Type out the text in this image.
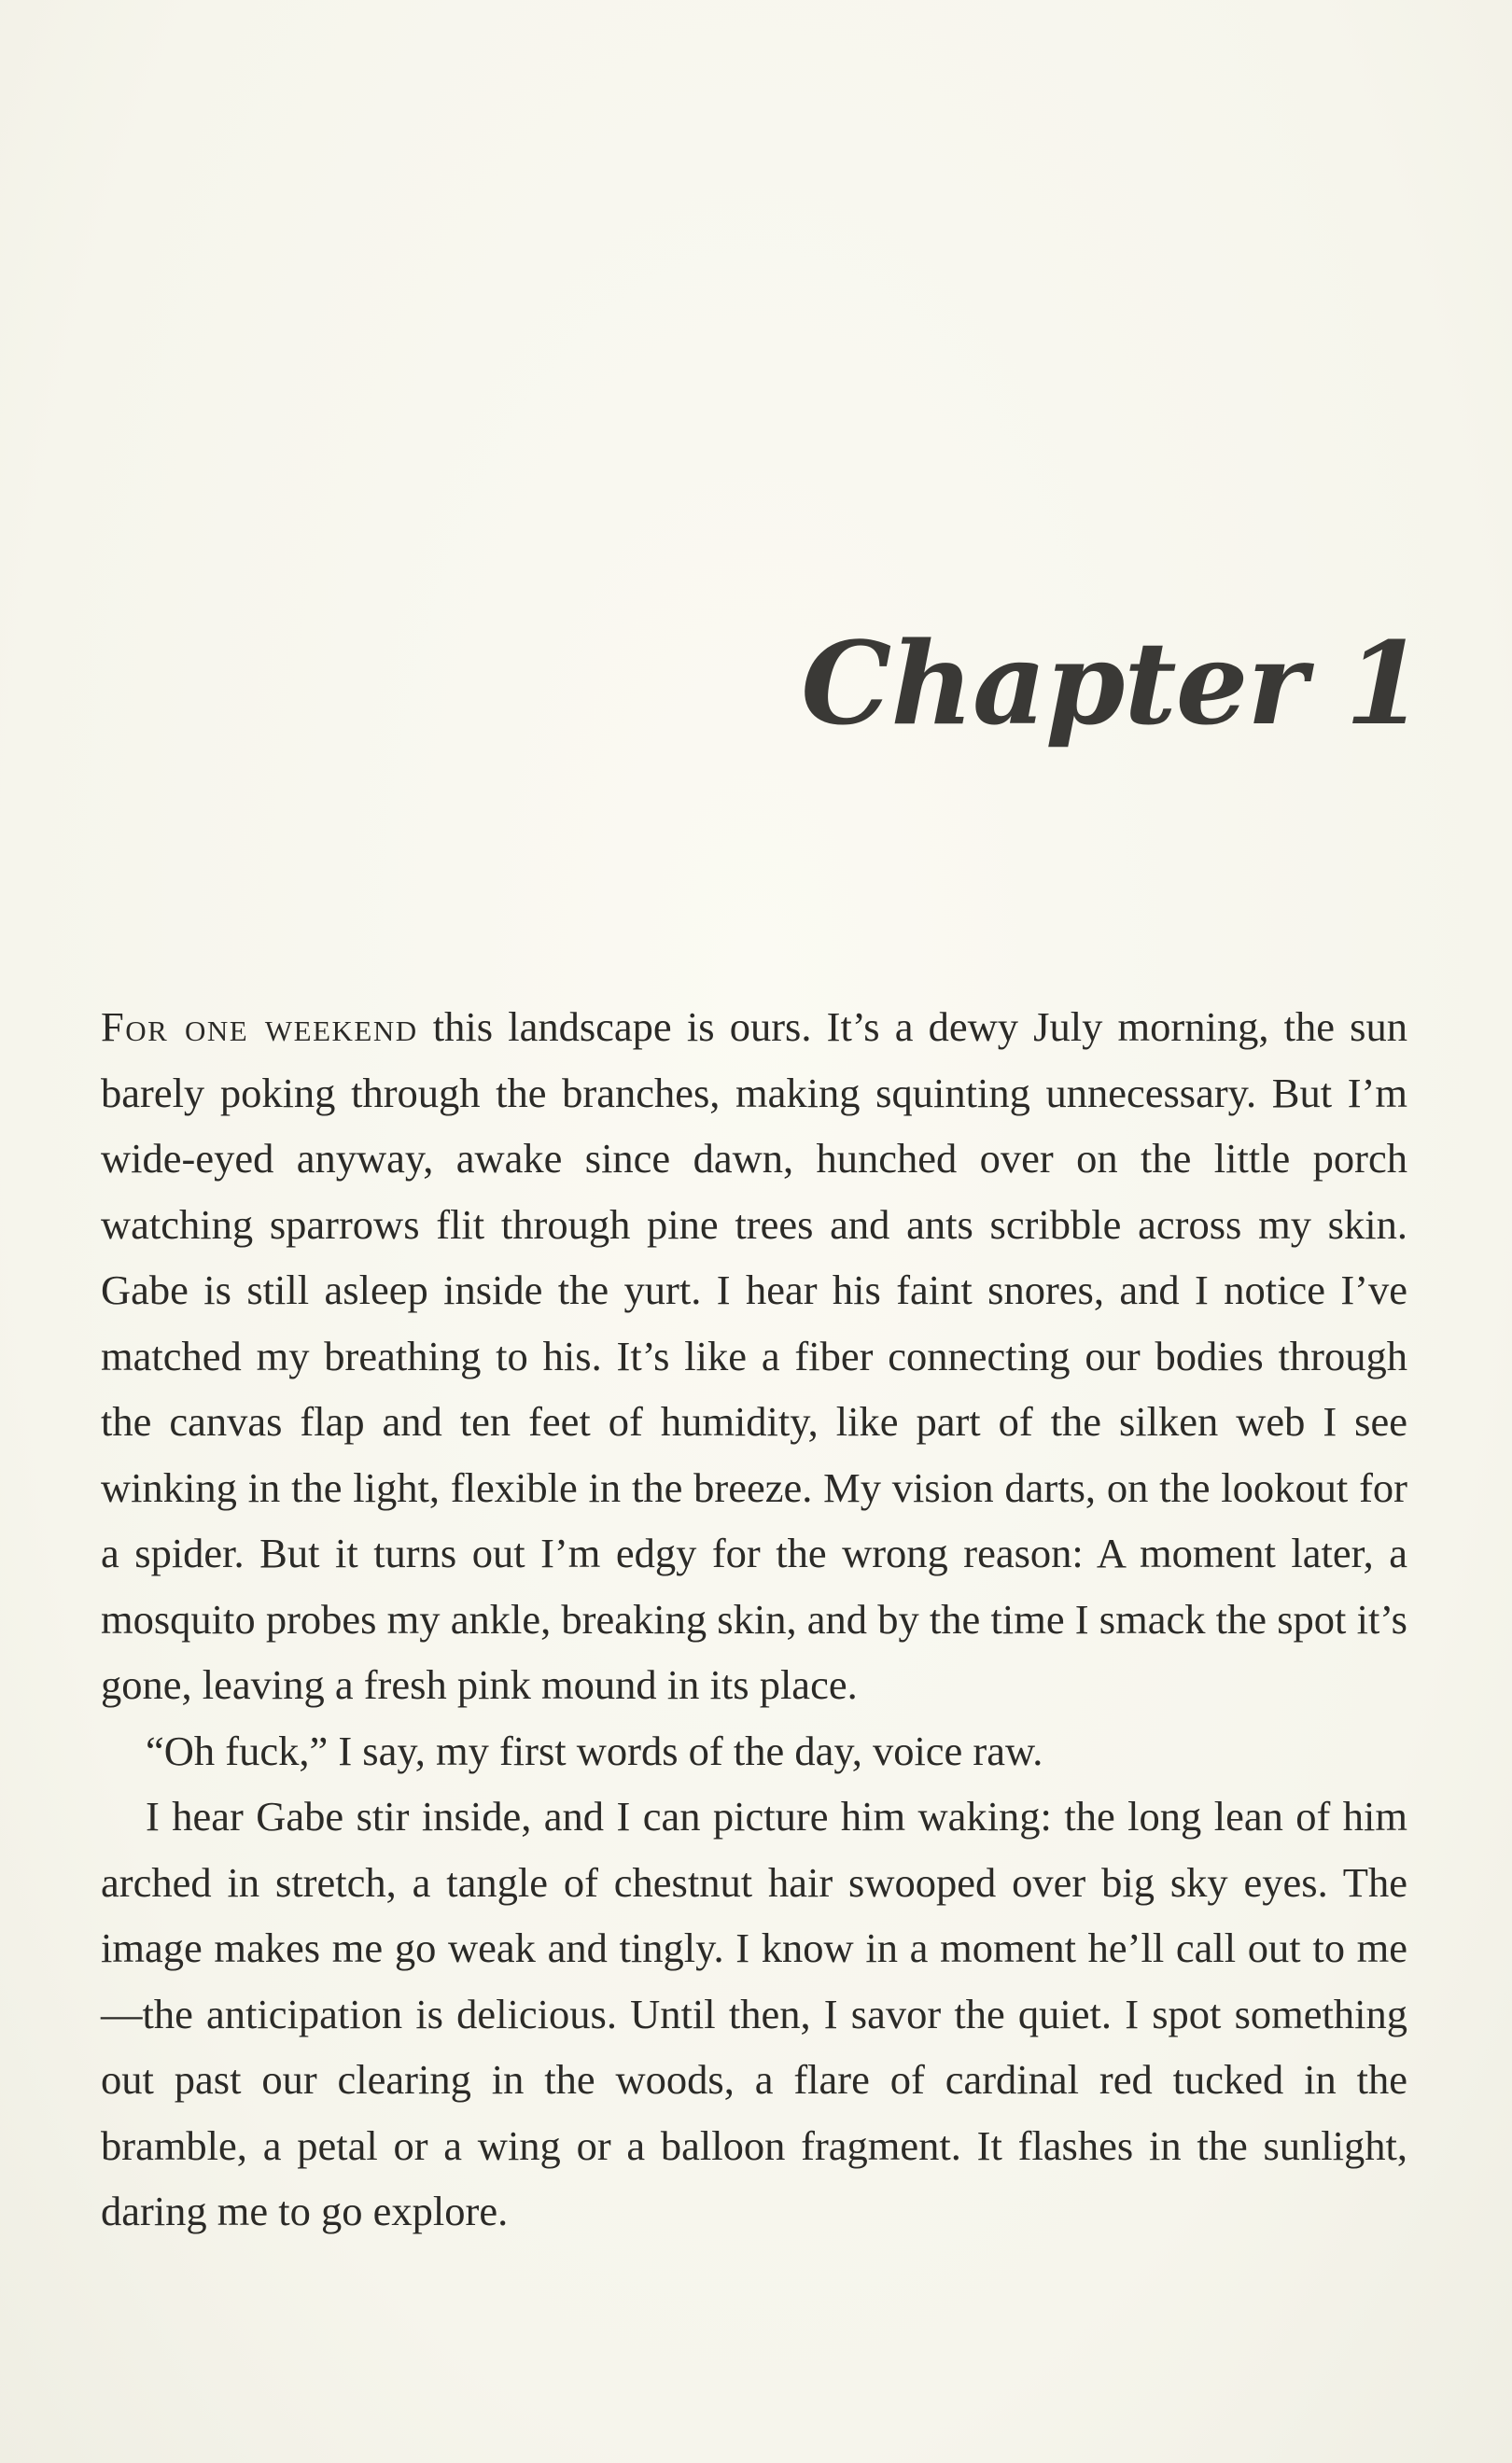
Chapter 1

For one weekend this landscape is ours. It’s a dewy July morning, the sun barely poking through the branches, making squinting unnecessary. But I’m wide-eyed anyway, awake since dawn, hunched over on the little porch watching sparrows flit through pine trees and ants scribble across my skin. Gabe is still asleep inside the yurt. I hear his faint snores, and I notice I’ve matched my breathing to his. It’s like a fiber connecting our bodies through the canvas flap and ten feet of humidity, like part of the silken web I see winking in the light, flexible in the breeze. My vision darts, on the lookout for a spider. But it turns out I’m edgy for the wrong reason: A moment later, a mosquito probes my ankle, breaking skin, and by the time I smack the spot it’s gone, leaving a fresh pink mound in its place.

“Oh fuck,” I say, my first words of the day, voice raw.

I hear Gabe stir inside, and I can picture him waking: the long lean of him arched in stretch, a tangle of chestnut hair swooped over big sky eyes. The image makes me go weak and tingly. I know in a moment he’ll call out to me—the anticipation is delicious. Until then, I savor the quiet. I spot something out past our clearing in the woods, a flare of cardinal red tucked in the bramble, a petal or a wing or a balloon fragment. It flashes in the sunlight, daring me to go explore.
